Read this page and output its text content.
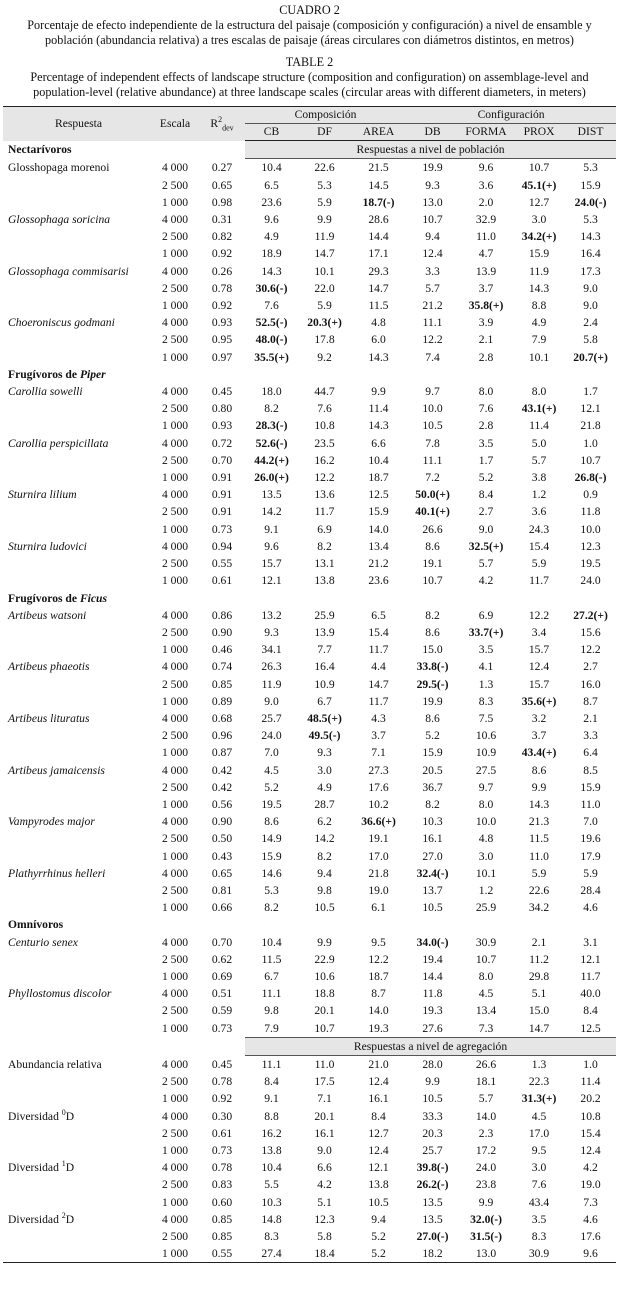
CUADRO 2
Porcentaje de efecto independiente de la estructura del paisaje (composición y configuración) a nivel de ensamble y
población (abundancia relativa) a tres escalas de paisaje (áreas circulares con diámetros distintos, en metros)
TABLE 2
Percentage of independent effects of landscape structure (composition and configuration) on assemblage-level and
population-level (relative abundance) at three landscape scales (circular areas with different diameters, in meters)
Respuesta	Escala	$R^2_{dev}$	Composición			Configuración			
			CB	DF	AREA	DB	FORMA	PROX	DIST
Nectarívoros			Respuestas a nivel de población						
Glosshopaga morenoi	4 000	0.27	10.4	22.6	21.5	19.9	9.6	10.7	5.3
	2 500	0.65	6.5	5.3	14.5	9.3	3.6	45.1(+)	15.9
	1 000	0.98	23.6	5.9	18.7(-)	13.0	2.0	12.7	24.0(-)
Glossophaga soricina	4 000	0.31	9.6	9.9	28.6	10.7	32.9	3.0	5.3
	2 500	0.82	4.9	11.9	14.4	9.4	11.0	34.2(+)	14.3
	1 000	0.92	18.9	14.7	17.1	12.4	4.7	15.9	16.4
Glossophaga commisarisi	4 000	0.26	14.3	10.1	29.3	3.3	13.9	11.9	17.3
	2 500	0.78	30.6(-)	22.0	14.7	5.7	3.7	14.3	9.0
	1 000	0.92	7.6	5.9	11.5	21.2	35.8(+)	8.8	9.0
Choeroniscus godmani	4 000	0.93	52.5(-)	20.3(+)	4.8	11.1	3.9	4.9	2.4
	2 500	0.95	48.0(-)	17.8	6.0	12.2	2.1	7.9	5.8
	1 000	0.97	35.5(+)	9.2	14.3	7.4	2.8	10.1	20.7(+)
Frugívoros de Piper									
Carollia sowelli	4 000	0.45	18.0	44.7	9.9	9.7	8.0	8.0	1.7
	2 500	0.80	8.2	7.6	11.4	10.0	7.6	43.1(+)	12.1
	1 000	0.93	28.3(-)	10.8	14.3	10.5	2.8	11.4	21.8
Carollia perspicillata	4 000	0.72	52.6(-)	23.5	6.6	7.8	3.5	5.0	1.0
	2 500	0.70	44.2(+)	16.2	10.4	11.1	1.7	5.7	10.7
	1 000	0.91	26.0(+)	12.2	18.7	7.2	5.2	3.8	26.8(-)
Sturnira lilium	4 000	0.91	13.5	13.6	12.5	50.0(+)	8.4	1.2	0.9
	2 500	0.91	14.2	11.7	15.9	40.1(+)	2.7	3.6	11.8
	1 000	0.73	9.1	6.9	14.0	26.6	9.0	24.3	10.0
Sturnira ludovici	4 000	0.94	9.6	8.2	13.4	8.6	32.5(+)	15.4	12.3
	2 500	0.55	15.7	13.1	21.2	19.1	5.7	5.9	19.5
	1 000	0.61	12.1	13.8	23.6	10.7	4.2	11.7	24.0
Frugívoros de Ficus									
Artibeus watsoni	4 000	0.86	13.2	25.9	6.5	8.2	6.9	12.2	27.2(+)
	2 500	0.90	9.3	13.9	15.4	8.6	33.7(+)	3.4	15.6
	1 000	0.46	34.1	7.7	11.7	15.0	3.5	15.7	12.2
Artibeus phaeotis	4 000	0.74	26.3	16.4	4.4	33.8(-)	4.1	12.4	2.7
	2 500	0.85	11.9	10.9	14.7	29.5(-)	1.3	15.7	16.0
	1 000	0.89	9.0	6.7	11.7	19.9	8.3	35.6(+)	8.7
Artibeus lituratus	4 000	0.68	25.7	48.5(+)	4.3	8.6	7.5	3.2	2.1
	2 500	0.96	24.0	49.5(-)	3.7	5.2	10.6	3.7	3.3
	1 000	0.87	7.0	9.3	7.1	15.9	10.9	43.4(+)	6.4
Artibeus jamaicensis	4 000	0.42	4.5	3.0	27.3	20.5	27.5	8.6	8.5
	2 500	0.42	5.2	4.9	17.6	36.7	9.7	9.9	15.9
	1 000	0.56	19.5	28.7	10.2	8.2	8.0	14.3	11.0
Vampyrodes major	4 000	0.90	8.6	6.2	36.6(+)	10.3	10.0	21.3	7.0
	2 500	0.50	14.9	14.2	19.1	16.1	4.8	11.5	19.6
	1 000	0.43	15.9	8.2	17.0	27.0	3.0	11.0	17.9
Plathyrrhinus helleri	4 000	0.65	14.6	9.4	21.8	32.4(-)	10.1	5.9	5.9
	2 500	0.81	5.3	9.8	19.0	13.7	1.2	22.6	28.4
	1 000	0.66	8.2	10.5	6.1	10.5	25.9	34.2	4.6
Omnívoros									
Centurio senex	4 000	0.70	10.4	9.9	9.5	34.0(-)	30.9	2.1	3.1
	2 500	0.62	11.5	22.9	12.2	19.4	10.7	11.2	12.1
	1 000	0.69	6.7	10.6	18.7	14.4	8.0	29.8	11.7
Phyllostomus discolor	4 000	0.51	11.1	18.8	8.7	11.8	4.5	5.1	40.0
	2 500	0.59	9.8	20.1	14.0	19.3	13.4	15.0	8.4
	1 000	0.73	7.9	10.7	19.3	27.6	7.3	14.7	12.5
			Respuestas a nivel de agregación						
Abundancia relativa	4 000	0.45	11.1	11.0	21.0	28.0	26.6	1.3	1.0
	2 500	0.78	8.4	17.5	12.4	9.9	18.1	22.3	11.4
	1 000	0.92	9.1	7.1	16.1	10.5	5.7	31.3(+)	20.2
Diversidad $^0$D	4 000	0.30	8.8	20.1	8.4	33.3	14.0	4.5	10.8
	2 500	0.61	16.2	16.1	12.7	20.3	2.3	17.0	15.4
	1 000	0.73	13.8	9.0	12.4	25.7	17.2	9.5	12.4
Diversidad $^1$D	4 000	0.78	10.4	6.6	12.1	39.8(-)	24.0	3.0	4.2
	2 500	0.83	5.5	4.2	13.8	26.2(-)	23.8	7.6	19.0
	1 000	0.60	10.3	5.1	10.5	13.5	9.9	43.4	7.3
Diversidad $^2$D	4 000	0.85	14.8	12.3	9.4	13.5	32.0(-)	3.5	4.6
	2 500	0.85	8.3	5.8	5.2	27.0(-)	31.5(-)	8.3	17.6
	1 000	0.55	27.4	18.4	5.2	18.2	13.0	30.9	9.6
